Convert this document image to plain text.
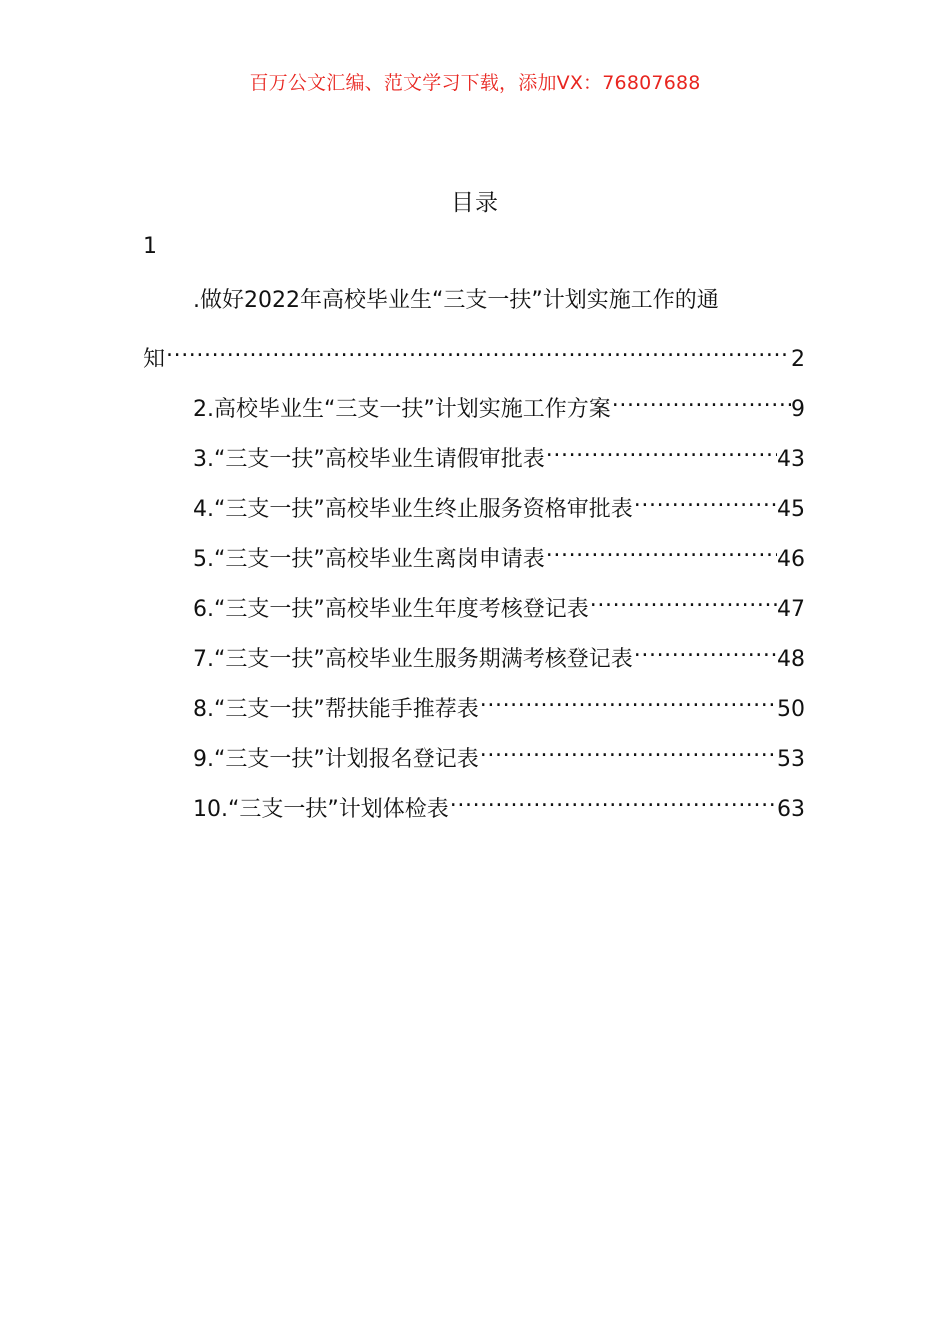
百万公文汇编、范文学习下载，添加VX：76807688
目录
1
.做好2022年高校毕业生“三支一扶”计划实施工作的通
知 .....	2
2.高校毕业生“三支一扶”计划实施工作方案 .....	9
3.“三支一扶”高校毕业生请假审批表 .....	43
4.“三支一扶”高校毕业生终止服务资格审批表 .....	45
5.“三支一扶”高校毕业生离岗申请表 .....	46
6.“三支一扶”高校毕业生年度考核登记表 .....	47
7.“三支一扶”高校毕业生服务期满考核登记表 .....	48
8.“三支一扶”帮扶能手推荐表 .....	50
9.“三支一扶”计划报名登记表 .....	53
10.“三支一扶”计划体检表 .....	63
